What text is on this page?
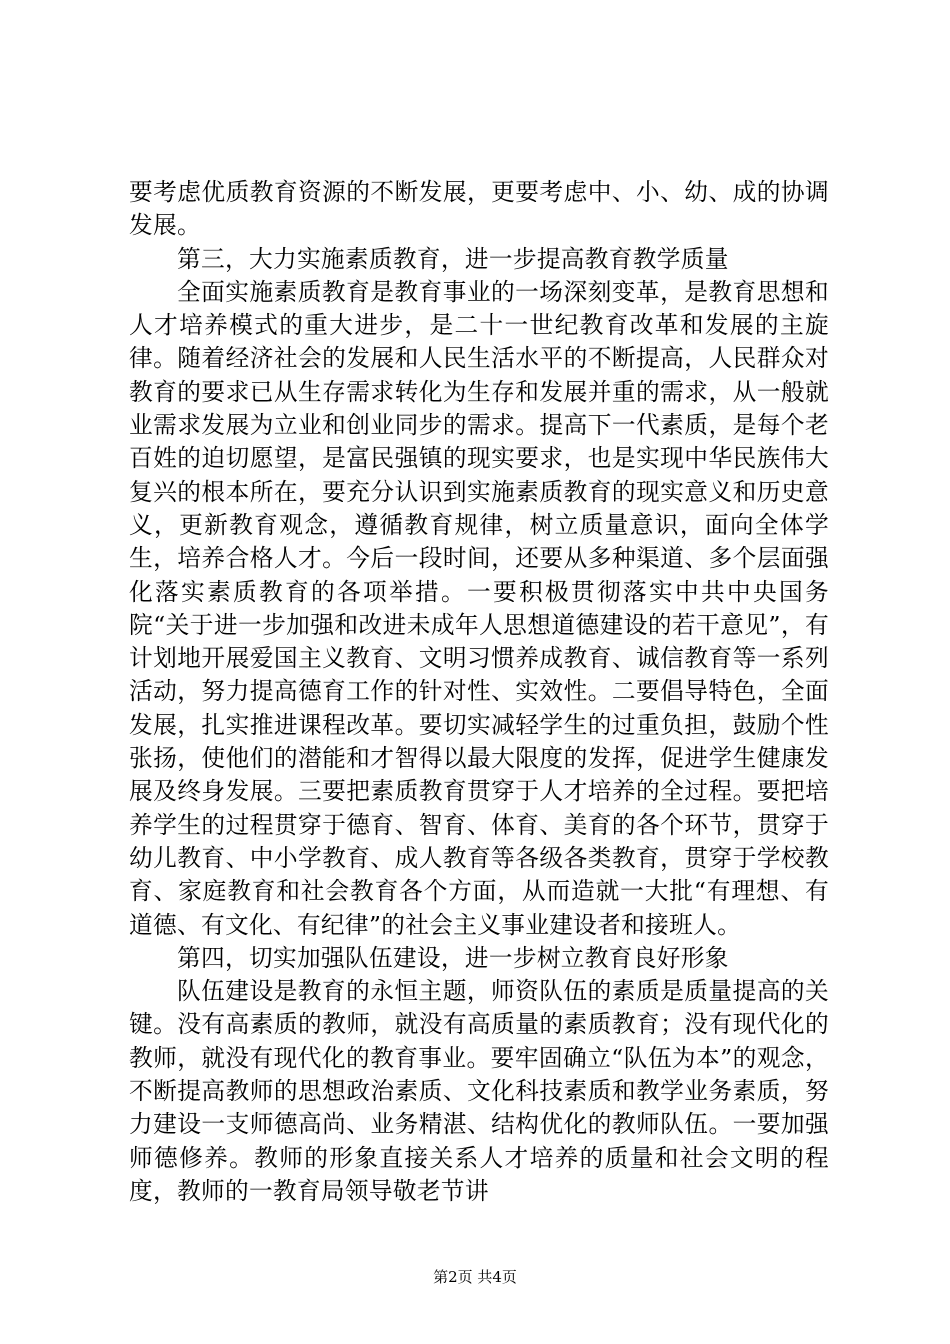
要考虑优质教育资源的不断发展，更要考虑中、小、幼、成的协调发展。

第三，大力实施素质教育，进一步提高教育教学质量

全面实施素质教育是教育事业的一场深刻变革，是教育思想和人才培养模式的重大进步，是二十一世纪教育改革和发展的主旋律。随着经济社会的发展和人民生活水平的不断提高，人民群众对教育的要求已从生存需求转化为生存和发展并重的需求，从一般就业需求发展为立业和创业同步的需求。提高下一代素质，是每个老百姓的迫切愿望，是富民强镇的现实要求，也是实现中华民族伟大复兴的根本所在，要充分认识到实施素质教育的现实意义和历史意义，更新教育观念，遵循教育规律，树立质量意识，面向全体学生，培养合格人才。今后一段时间，还要从多种渠道、多个层面强化落实素质教育的各项举措。一要积极贯彻落实中共中央国务院“关于进一步加强和改进未成年人思想道德建设的若干意见”，有计划地开展爱国主义教育、文明习惯养成教育、诚信教育等一系列活动，努力提高德育工作的针对性、实效性。二要倡导特色，全面发展，扎实推进课程改革。要切实减轻学生的过重负担，鼓励个性张扬，使他们的潜能和才智得以最大限度的发挥，促进学生健康发展及终身发展。三要把素质教育贯穿于人才培养的全过程。要把培养学生的过程贯穿于德育、智育、体育、美育的各个环节，贯穿于幼儿教育、中小学教育、成人教育等各级各类教育，贯穿于学校教育、家庭教育和社会教育各个方面，从而造就一大批“有理想、有道德、有文化、有纪律”的社会主义事业建设者和接班人。

第四，切实加强队伍建设，进一步树立教育良好形象

队伍建设是教育的永恒主题，师资队伍的素质是质量提高的关键。没有高素质的教师，就没有高质量的素质教育；没有现代化的教师，就没有现代化的教育事业。要牢固确立“队伍为本”的观念，不断提高教师的思想政治素质、文化科技素质和教学业务素质，努力建设一支师德高尚、业务精湛、结构优化的教师队伍。一要加强师德修养。教师的形象直接关系人才培养的质量和社会文明的程度，教师的一教育局领导敬老节讲

第2页 共4页
